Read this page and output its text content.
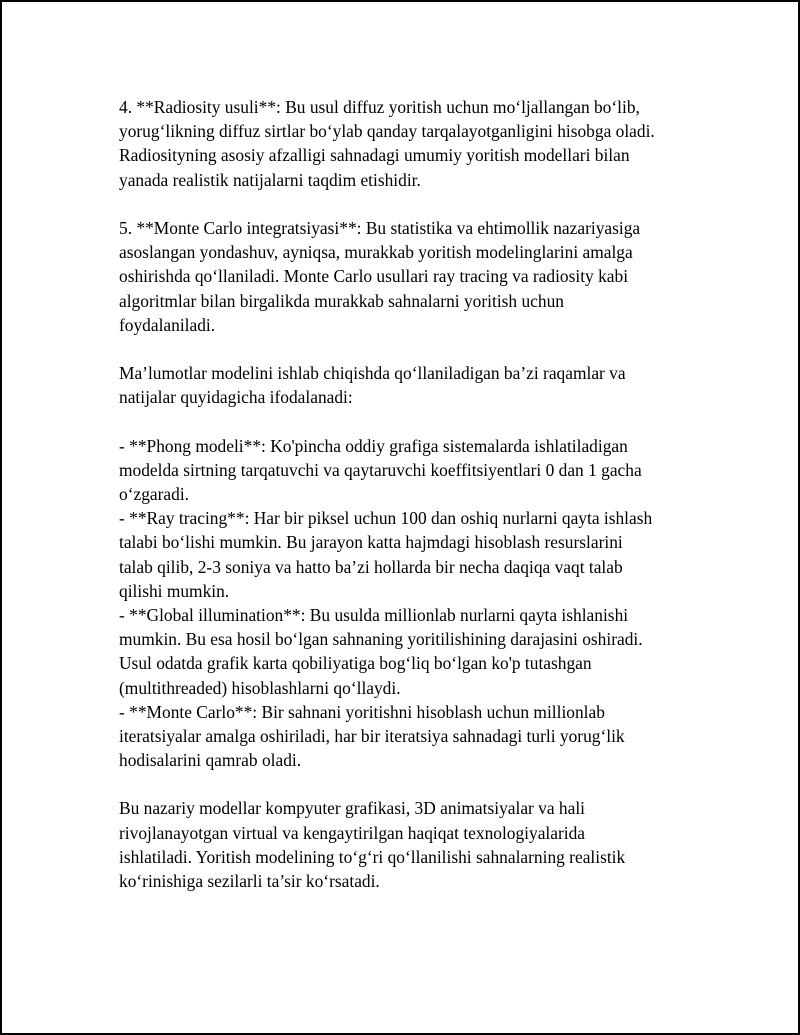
4. **Radiosity usuli**: Bu usul diffuz yoritish uchun mo‘ljallangan bo‘lib,
yorug‘likning diffuz sirtlar bo‘ylab qanday tarqalayotganligini hisobga oladi.
Radiosityning asosiy afzalligi sahnadagi umumiy yoritish modellari bilan
yanada realistik natijalarni taqdim etishidir.
5. **Monte Carlo integratsiyasi**: Bu statistika va ehtimollik nazariyasiga
asoslangan yondashuv, ayniqsa, murakkab yoritish modelinglarini amalga
oshirishda qo‘llaniladi. Monte Carlo usullari ray tracing va radiosity kabi
algoritmlar bilan birgalikda murakkab sahnalarni yoritish uchun
foydalaniladi.
Ma’lumotlar modelini ishlab chiqishda qo‘llaniladigan ba’zi raqamlar va
natijalar quyidagicha ifodalanadi:
- **Phong modeli**: Ko'pincha oddiy grafiga sistemalarda ishlatiladigan
modelda sirtning tarqatuvchi va qaytaruvchi koeffitsiyentlari 0 dan 1 gacha
o‘zgaradi.
- **Ray tracing**: Har bir piksel uchun 100 dan oshiq nurlarni qayta ishlash
talabi bo‘lishi mumkin. Bu jarayon katta hajmdagi hisoblash resurslarini
talab qilib, 2-3 soniya va hatto ba’zi hollarda bir necha daqiqa vaqt talab
qilishi mumkin.
- **Global illumination**: Bu usulda millionlab nurlarni qayta ishlanishi
mumkin. Bu esa hosil bo‘lgan sahnaning yoritilishining darajasini oshiradi.
Usul odatda grafik karta qobiliyatiga bog‘liq bo‘lgan ko'p tutashgan
(multithreaded) hisoblashlarni qo‘llaydi.
- **Monte Carlo**: Bir sahnani yoritishni hisoblash uchun millionlab
iteratsiyalar amalga oshiriladi, har bir iteratsiya sahnadagi turli yorug‘lik
hodisalarini qamrab oladi.
Bu nazariy modellar kompyuter grafikasi, 3D animatsiyalar va hali
rivojlanayotgan virtual va kengaytirilgan haqiqat texnologiyalarida
ishlatiladi. Yoritish modelining to‘g‘ri qo‘llanilishi sahnalarning realistik
ko‘rinishiga sezilarli ta’sir ko‘rsatadi.
